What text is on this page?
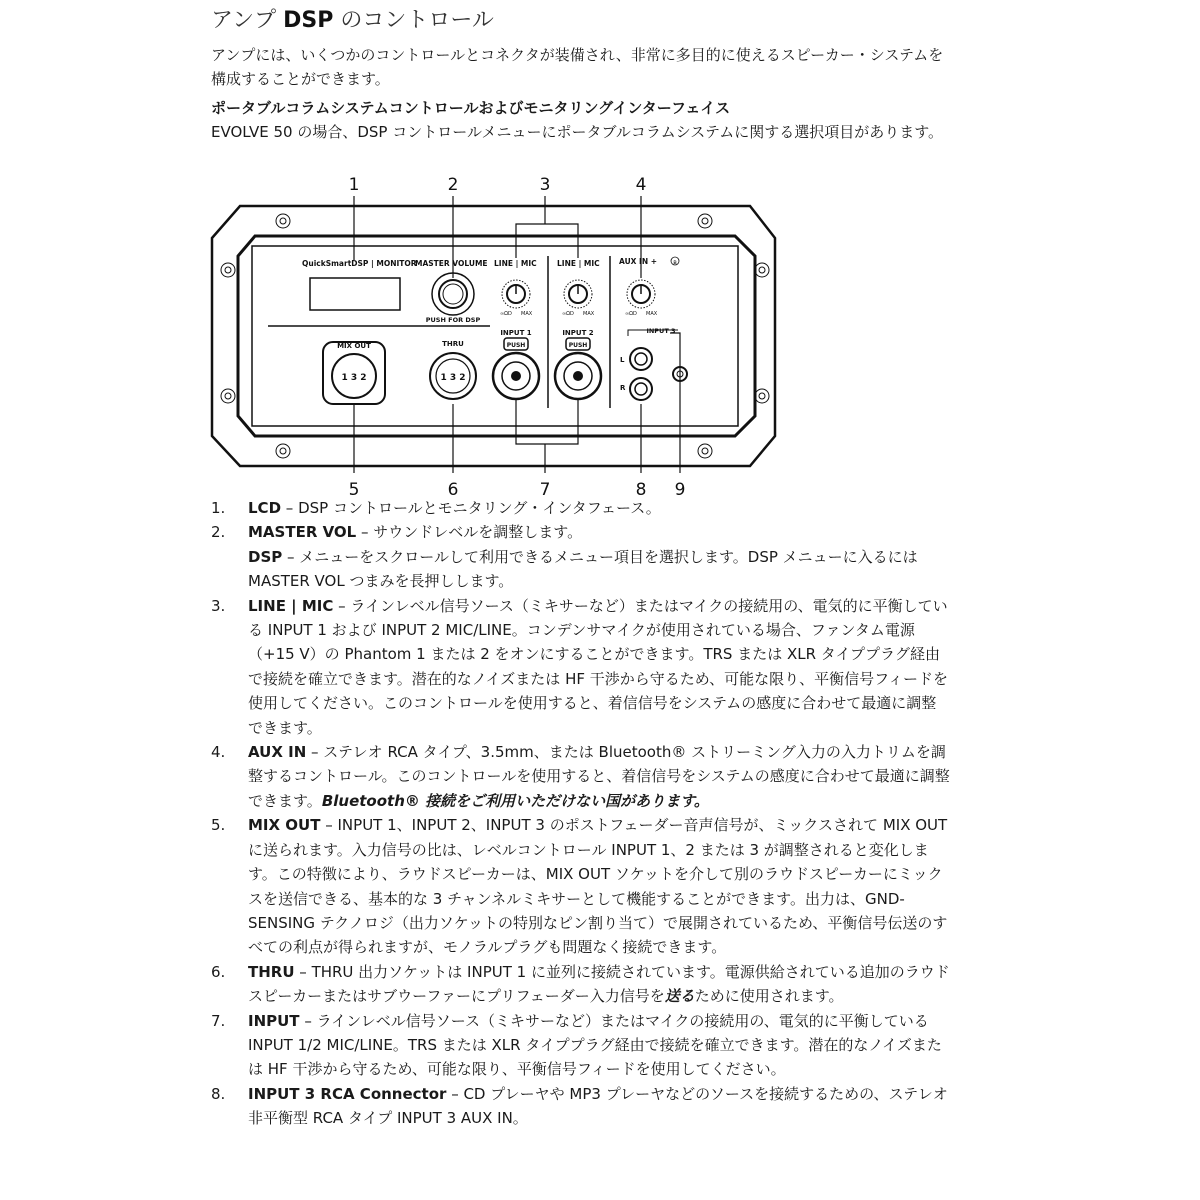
アンプ DSP のコントロール

アンプには、いくつかのコントロールとコネクタが装備され、非常に多目的に使えるスピーカー・システムを構成することができます。

ポータブルコラムシステムコントロールおよびモニタリングインターフェイス

EVOLVE 50 の場合、DSP コントロールメニューにポータブルコラムシステムに関する選択項目があります。

1	2	3	4
5	6	7	8 9
QuickSmartDSP | MONITOR
MASTER VOLUME LINE | MIC	LINE | MIC	AUX IN +	ʙ
PUSH FOR DSP
∞ΩD MAX	∞ΩD MAX	∞ΩD MAX
MIX OUT	THRU
INPUT 1	INPUT 2	INPUT 3
1 3 2	1 3 2
PUSH	PUSH
L
R
1. LCD – DSP コントロールとモニタリング・インタフェース。
2. MASTER VOL – サウンドレベルを調整します。
DSP – メニューをスクロールして利用できるメニュー項目を選択します。DSP メニューに入るには MASTER VOL つまみを長押しします。
3. LINE | MIC – ラインレベル信号ソース（ミキサーなど）またはマイクの接続用の、電気的に平衡している INPUT 1 および INPUT 2 MIC/LINE。コンデンサマイクが使用されている場合、ファンタム電源（+15 V）の Phantom 1 または 2 をオンにすることができます。TRS または XLR タイププラグ経由で接続を確立できます。潜在的なノイズまたは HF 干渉から守るため、可能な限り、平衡信号フィードを使用してください。このコントロールを使用すると、着信信号をシステムの感度に合わせて最適に調整できます。
4. AUX IN – ステレオ RCA タイプ、3.5mm、または Bluetooth® ストリーミング入力の入力トリムを調整するコントロール。このコントロールを使用すると、着信信号をシステムの感度に合わせて最適に調整できます。Bluetooth® 接続をご利用いただけない国があります。
5. MIX OUT – INPUT 1、INPUT 2、INPUT 3 のポストフェーダー音声信号が、ミックスされて MIX OUT に送られます。入力信号の比は、レベルコントロール INPUT 1、2 または 3 が調整されると変化します。この特徴により、ラウドスピーカーは、MIX OUT ソケットを介して別のラウドスピーカーにミックスを送信できる、基本的な 3 チャンネルミキサーとして機能することができます。出力は、GND-SENSING テクノロジ（出力ソケットの特別なピン割り当て）で展開されているため、平衡信号伝送のすべての利点が得られますが、モノラルプラグも問題なく接続できます。
6. THRU – THRU 出力ソケットは INPUT 1 に並列に接続されています。電源供給されている追加のラウドスピーカーまたはサブウーファーにプリフェーダー入力信号を送るために使用されます。
7. INPUT – ラインレベル信号ソース（ミキサーなど）またはマイクの接続用の、電気的に平衡している INPUT 1/2 MIC/LINE。TRS または XLR タイププラグ経由で接続を確立できます。潜在的なノイズまたは HF 干渉から守るため、可能な限り、平衡信号フィードを使用してください。
8. INPUT 3 RCA Connector – CD プレーヤや MP3 プレーヤなどのソースを接続するための、ステレオ非平衡型 RCA タイプ INPUT 3 AUX IN。
